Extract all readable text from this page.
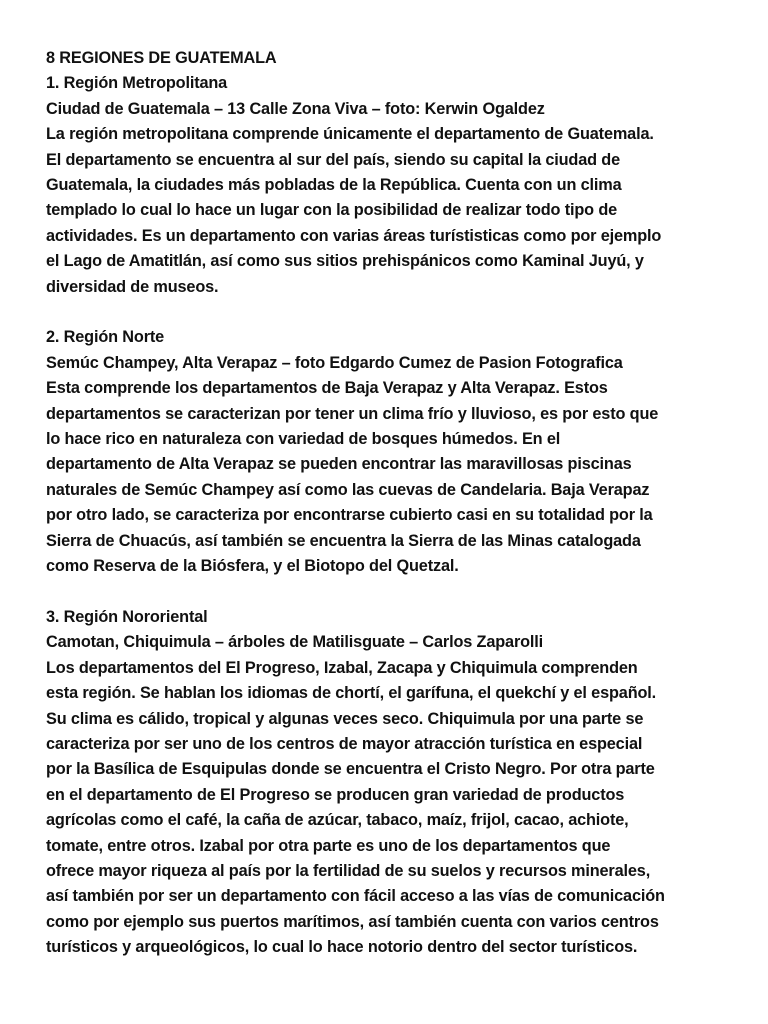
8 REGIONES DE GUATEMALA
1. Región Metropolitana
Ciudad de Guatemala – 13 Calle Zona Viva – foto: Kerwin Ogaldez
La región metropolitana comprende únicamente el departamento de Guatemala.
El departamento se encuentra al sur del país, siendo su capital la ciudad de
Guatemala, la ciudades más pobladas de la República. Cuenta con un clima
templado lo cual lo hace un lugar con la posibilidad de realizar todo tipo de
actividades. Es un departamento con varias áreas turístisticas como por ejemplo
el Lago de Amatitlán, así como sus sitios prehispánicos como Kaminal Juyú, y
diversidad de museos.
2. Región Norte
Semúc Champey, Alta Verapaz – foto Edgardo Cumez de Pasion Fotografica
Esta comprende los departamentos de Baja Verapaz y Alta Verapaz. Estos
departamentos se caracterizan por tener un clima frío y lluvioso, es por esto que
lo hace rico en naturaleza con variedad de bosques húmedos. En el
departamento de Alta Verapaz se pueden encontrar las maravillosas piscinas
naturales de Semúc Champey así como las cuevas de Candelaria. Baja Verapaz
por otro lado, se caracteriza por encontrarse cubierto casi en su totalidad por la
Sierra de Chuacús, así también se encuentra la Sierra de las Minas catalogada
como Reserva de la Biósfera, y el Biotopo del Quetzal.
3. Región Nororiental
Camotan, Chiquimula – árboles de Matilisguate – Carlos Zaparolli
Los departamentos del El Progreso, Izabal, Zacapa y Chiquimula comprenden
esta región. Se hablan los idiomas de chortí, el garífuna, el quekchí y el español.
Su clima es cálido, tropical y algunas veces seco. Chiquimula por una parte se
caracteriza por ser uno de los centros de mayor atracción turística en especial
por la Basílica de Esquipulas donde se encuentra el Cristo Negro. Por otra parte
en el departamento de El Progreso se producen gran variedad de productos
agrícolas como el café, la caña de azúcar, tabaco, maíz, frijol, cacao, achiote,
tomate, entre otros. Izabal por otra parte es uno de los departamentos que
ofrece mayor riqueza al país por la fertilidad de su suelos y recursos minerales,
así también por ser un departamento con fácil acceso a las vías de comunicación
como por ejemplo sus puertos marítimos, así también cuenta con varios centros
turísticos y arqueológicos, lo cual lo hace notorio dentro del sector turísticos.
